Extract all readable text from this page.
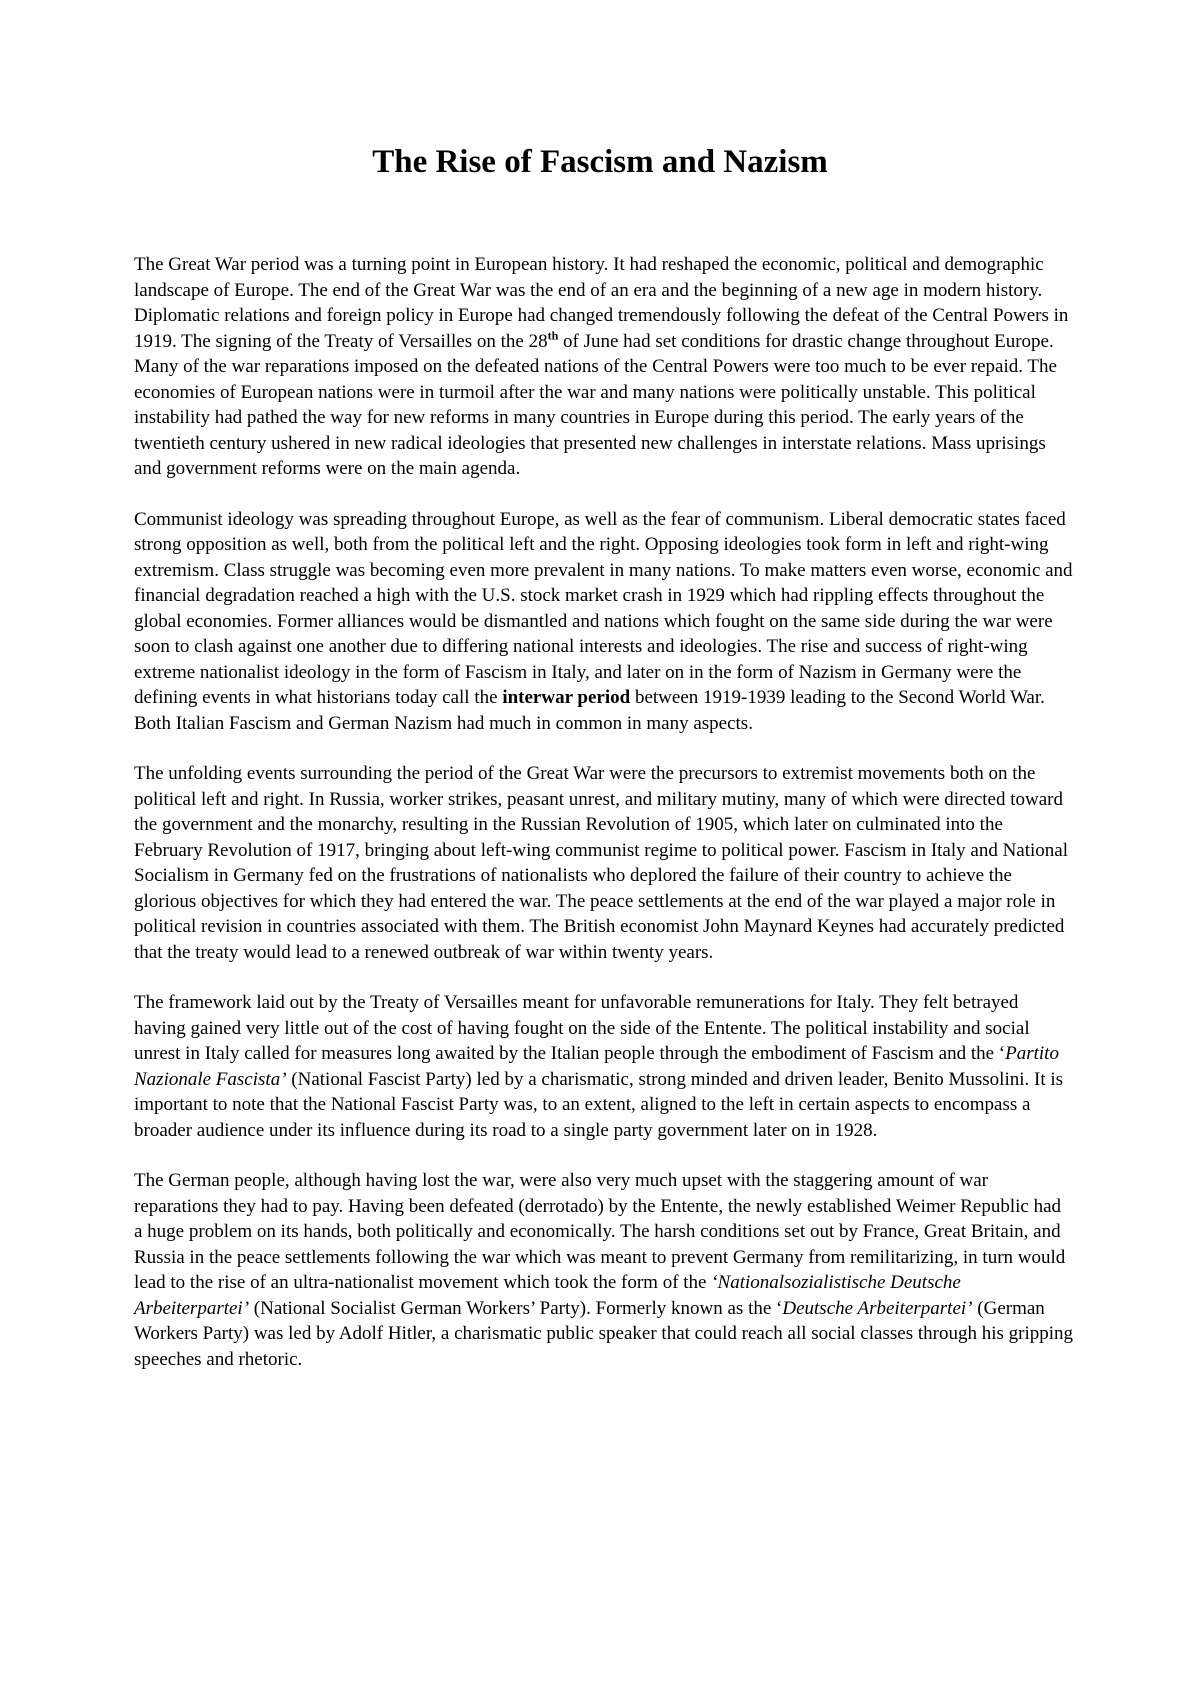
The Rise of Fascism and Nazism

The Great War period was a turning point in European history. It had reshaped the economic, political and demographic landscape of Europe. The end of the Great War was the end of an era and the beginning of a new age in modern history. Diplomatic relations and foreign policy in Europe had changed tremendously following the defeat of the Central Powers in 1919. The signing of the Treaty of Versailles on the 28th of June had set conditions for drastic change throughout Europe. Many of the war reparations imposed on the defeated nations of the Central Powers were too much to be ever repaid. The economies of European nations were in turmoil after the war and many nations were politically unstable. This political instability had pathed the way for new reforms in many countries in Europe during this period. The early years of the twentieth century ushered in new radical ideologies that presented new challenges in interstate relations. Mass uprisings and government reforms were on the main agenda.

Communist ideology was spreading throughout Europe, as well as the fear of communism. Liberal democratic states faced strong opposition as well, both from the political left and the right. Opposing ideologies took form in left and right-wing extremism. Class struggle was becoming even more prevalent in many nations. To make matters even worse, economic and financial degradation reached a high with the U.S. stock market crash in 1929 which had rippling effects throughout the global economies. Former alliances would be dismantled and nations which fought on the same side during the war were soon to clash against one another due to differing national interests and ideologies. The rise and success of right-wing extreme nationalist ideology in the form of Fascism in Italy, and later on in the form of Nazism in Germany were the defining events in what historians today call the interwar period between 1919-1939 leading to the Second World War. Both Italian Fascism and German Nazism had much in common in many aspects.

The unfolding events surrounding the period of the Great War were the precursors to extremist movements both on the political left and right. In Russia, worker strikes, peasant unrest, and military mutiny, many of which were directed toward the government and the monarchy, resulting in the Russian Revolution of 1905, which later on culminated into the February Revolution of 1917, bringing about left-wing communist regime to political power. Fascism in Italy and National Socialism in Germany fed on the frustrations of nationalists who deplored the failure of their country to achieve the glorious objectives for which they had entered the war. The peace settlements at the end of the war played a major role in political revision in countries associated with them. The British economist John Maynard Keynes had accurately predicted that the treaty would lead to a renewed outbreak of war within twenty years.

The framework laid out by the Treaty of Versailles meant for unfavorable remunerations for Italy. They felt betrayed having gained very little out of the cost of having fought on the side of the Entente. The political instability and social unrest in Italy called for measures long awaited by the Italian people through the embodiment of Fascism and the ‘Partito Nazionale Fascista’ (National Fascist Party) led by a charismatic, strong minded and driven leader, Benito Mussolini. It is important to note that the National Fascist Party was, to an extent, aligned to the left in certain aspects to encompass a broader audience under its influence during its road to a single party government later on in 1928.

The German people, although having lost the war, were also very much upset with the staggering amount of war reparations they had to pay. Having been defeated (derrotado) by the Entente, the newly established Weimer Republic had a huge problem on its hands, both politically and economically. The harsh conditions set out by France, Great Britain, and Russia in the peace settlements following the war which was meant to prevent Germany from remilitarizing, in turn would lead to the rise of an ultra-nationalist movement which took the form of the ‘Nationalsozialistische Deutsche Arbeiterpartei’ (National Socialist German Workers’ Party). Formerly known as the ‘Deutsche Arbeiterpartei’ (German Workers Party) was led by Adolf Hitler, a charismatic public speaker that could reach all social classes through his gripping speeches and rhetoric.
